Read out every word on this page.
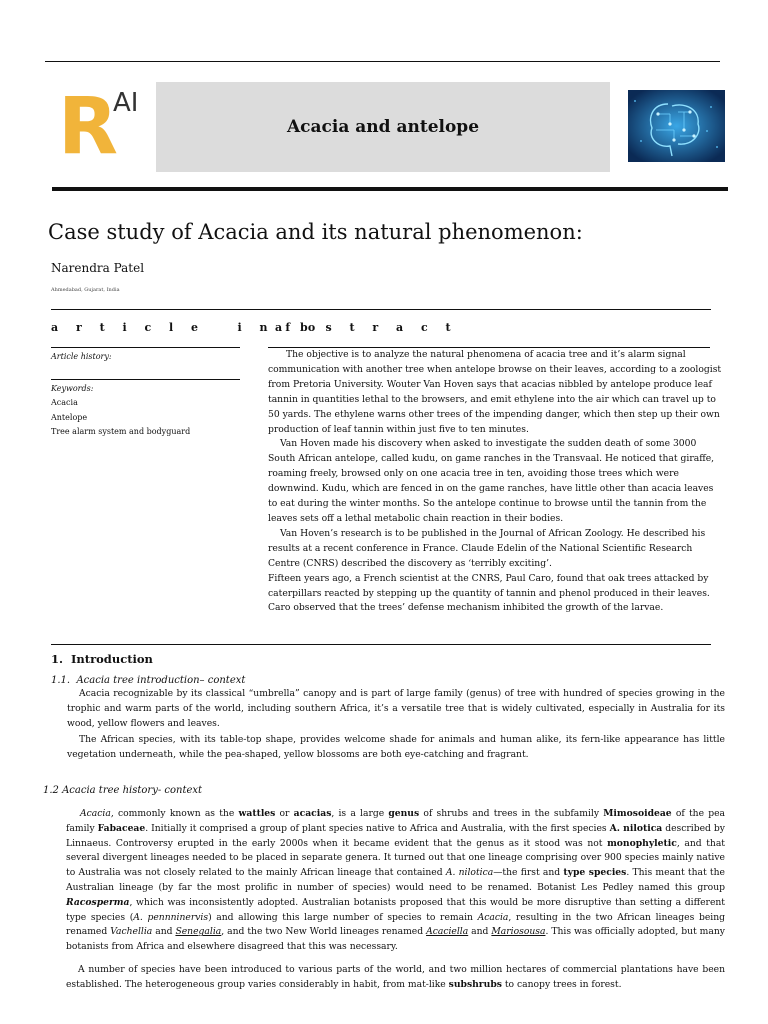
R
AI
Acacia and antelope
Case study of Acacia and its natural phenomenon:
Narendra Patel
Ahmedabad, Gujarat, India
a r t i c l e   i n f o
Article history:
Keywords:
Acacia
Antelope
Tree alarm system and bodyguard
a b s t r a c t

The objective is to analyze the natural phenomena of acacia tree and it’s alarm signal communication with another tree when antelope browse on their leaves, according to a zoologist from Pretoria University. Wouter Van Hoven says that acacias nibbled by antelope produce leaf tannin in quantities lethal to the browsers, and emit ethylene into the air which can travel up to 50 yards. The ethylene warns other trees of the impending danger, which then step up their own production of leaf tannin within just five to ten minutes.

Van Hoven made his discovery when asked to investigate the sudden death of some 3000 South African antelope, called kudu, on game ranches in the Transvaal. He noticed that giraffe, roaming freely, browsed only on one acacia tree in ten, avoiding those trees which were downwind. Kudu, which are fenced in on the game ranches, have little other than acacia leaves to eat during the winter months. So the antelope continue to browse until the tannin from the leaves sets off a lethal metabolic chain reaction in their bodies.

Van Hoven’s research is to be published in the Journal of African Zoology. He described his results at a recent conference in France. Claude Edelin of the National Scientific Research Centre (CNRS) described the discovery as ‘terribly exciting’.

Fifteen years ago, a French scientist at the CNRS, Paul Caro, found that oak trees attacked by caterpillars reacted by stepping up the quantity of tannin and phenol produced in their leaves. Caro observed that the trees’ defense mechanism inhibited the growth of the larvae.

1.  Introduction
1.1.  Acacia tree introduction– context

Acacia recognizable by its classical “umbrella” canopy and is part of large family (genus) of tree with hundred of species growing in the trophic and warm parts of the world, including southern Africa, it’s a versatile tree that is widely cultivated, especially in Australia for its wood, yellow flowers and leaves.

The African species, with its table-top shape, provides welcome shade for animals and human alike, its fern-like appearance has little vegetation underneath, while the pea-shaped, yellow blossoms are both eye-catching and fragrant.

1.2 Acacia tree history- context

Acacia, commonly known as the wattles or acacias, is a large genus of shrubs and trees in the subfamily Mimosoideae of the pea family Fabaceae. Initially it comprised a group of plant species native to Africa and Australia, with the first species A. nilotica described by Linnaeus. Controversy erupted in the early 2000s when it became evident that the genus as it stood was not monophyletic, and that several divergent lineages needed to be placed in separate genera. It turned out that one lineage comprising over 900 species mainly native to Australia was not closely related to the mainly African lineage that contained A. nilotica—the first and type species. This meant that the Australian lineage (by far the most prolific in number of species) would need to be renamed. Botanist Les Pedley named this group Racosperma, which was inconsistently adopted. Australian botanists proposed that this would be more disruptive than setting a different type species (A. pennninervis) and allowing this large number of species to remain Acacia, resulting in the two African lineages being renamed Vachellia and Senegalia, and the two New World lineages renamed Acaciella and Mariosousa. This was officially adopted, but many botanists from Africa and elsewhere disagreed that this was necessary.

A number of species have been introduced to various parts of the world, and two million hectares of commercial plantations have been established. The heterogeneous group varies considerably in habit, from mat-like subshrubs to canopy trees in forest.
